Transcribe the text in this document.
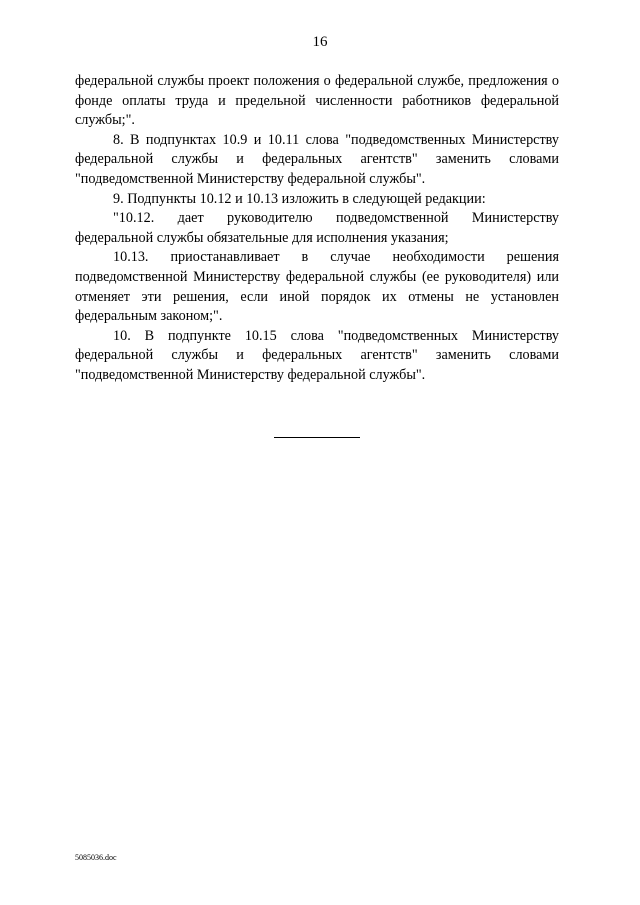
16

федеральной службы проект положения о федеральной службе, предложения о фонде оплаты труда и предельной численности работников федеральной службы;".

8. В подпунктах 10.9 и 10.11 слова "подведомственных Министерству федеральной службы и федеральных агентств" заменить словами "подведомственной Министерству федеральной службы".

9. Подпункты 10.12 и 10.13 изложить в следующей редакции:

"10.12. дает руководителю подведомственной Министерству федеральной службы обязательные для исполнения указания;

10.13. приостанавливает в случае необходимости решения подведомственной Министерству федеральной службы (ее руководителя) или отменяет эти решения, если иной порядок их отмены не установлен федеральным законом;".

10. В подпункте 10.15 слова "подведомственных Министерству федеральной службы и федеральных агентств" заменить словами "подведомственной Министерству федеральной службы".

5085036.doc
